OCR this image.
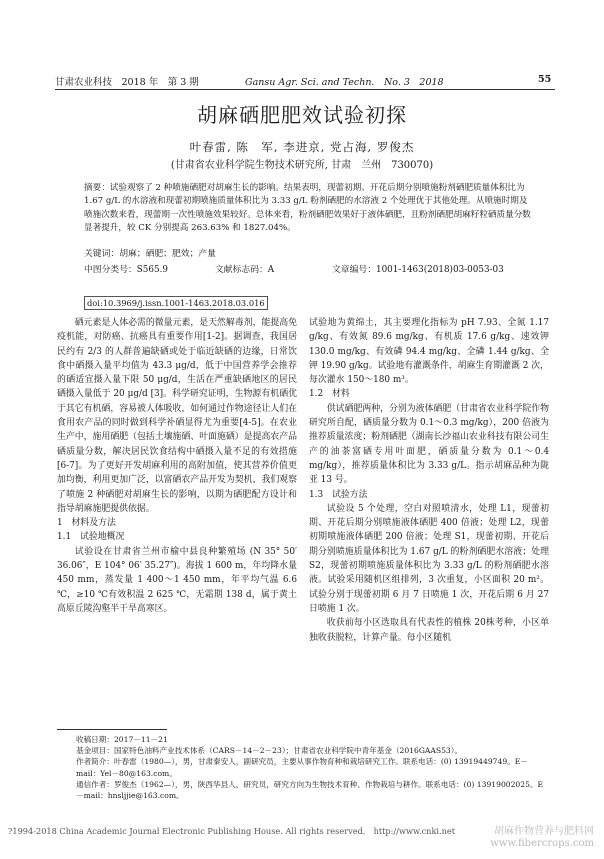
甘肃农业科技　2018 年　第 3 期	Gansu Agr. Sci. and Techn.　No. 3　2018	55
胡麻硒肥肥效试验初探
叶春雷, 陈　军, 李进京, 党占海, 罗俊杰
(甘肃省农业科学院生物技术研究所, 甘肃　兰州　730070)
摘要：试验观察了 2 种喷施硒肥对胡麻生长的影响。结果表明，现蕾初期、开花后期分别喷施粉剂硒肥质量体积比为 1.67 g/L 的水溶液和现蕾初期喷施质量体积比为 3.33 g/L 粉剂硒肥的水溶液 2 个处理优于其他处理。从喷施时期及喷施次数来看，现蕾期一次性喷施效果较好。总体来看，粉剂硒肥效果好于液体硒肥，且粉剂硒肥胡麻籽粒硒质量分数显著提升，较 CK 分别提高 263.63% 和 1827.04%。
关键词：胡麻；硒肥；肥效；产量
中图分类号：S565.9	文献标志码：A	文章编号：1001-1463(2018)03-0053-03
doi:10.3969/j.issn.1001-1463.2018.03.016

硒元素是人体必需的微量元素，是天然解毒剂，能提高免疫机能，对防癌、抗癌具有重要作用[1-2]。据调查，我国居民约有 2/3 的人群普遍缺硒或处于临近缺硒的边缘，日常饮食中硒摄入量平均值为 43.3 μg/d，低于中国营养学会推荐的硒适宜摄入量下限 50 μg/d，生活在严重缺硒地区的居民硒摄入量低于 20 μg/d [3]。科学研究证明，生物源有机硒优于其它有机硒，容易被人体吸收，如何通过作物途径让人们在食用农产品的同时做到科学补硒显得尤为重要[4-5]。在农业生产中，施用硒肥（包括土壤施硒、叶面施硒）是提高农产品硒质量分数，解决居民饮食结构中硒摄入量不足的有效措施[6-7]。为了更好开发胡麻利用的高附加值，使其营养价值更加均衡，利用更加广泛，以富硒农产品开发为契机，我们观察了喷施 2 种硒肥对胡麻生长的影响，以期为硒肥配方设计和指导胡麻施肥提供依据。

1　材料及方法

1.1　试验地概况

试验设在甘肃省兰州市榆中县良种繁殖场 (N 35° 50′ 36.06″，E 104° 06′ 35.27″)。海拔 1 600 m，年均降水量 450 mm，蒸发量 1 400～1 450 mm，年平均气温 6.6 ℃，≥10 ℃有效积温 2 625 ℃，无霜期 138 d，属于黄土高原丘陵沟壑半干旱高寒区。

试验地为黄绵土，其主要理化指标为 pH 7.93、全氮 1.17 g/kg、有效氮 89.6 mg/kg、有机质 17.6 g/kg、速效钾 130.0 mg/kg、有效磷 94.4 mg/kg、全磷 1.44 g/kg、全钾 19.90 g/kg。试验地有灌溉条件，胡麻生育期灌溉 2 次，每次灌水 150～180 m³。

1.2　材料

供试硒肥两种，分别为液体硒肥（甘肃省农业科学院作物研究所自配，硒质量分数为 0.1～0.3 mg/kg），200 倍液为推荐质量浓度；粉剂硒肥（湖南长沙福山农业科技有限公司生产的油茶富硒专用叶面肥，硒质量分数为 0.1～0.4 mg/kg），推荐质量体积比为 3.33 g/L。指示胡麻品种为陇亚 13 号。

1.3　试验方法

试验设 5 个处理，空白对照喷清水，处理 L1，现蕾初期、开花后期分别喷施液体硒肥 400 倍液；处理 L2，现蕾初期喷施液体硒肥 200 倍液；处理 S1，现蕾初期、开花后期分别喷施质量体积比为 1.67 g/L 的粉剂硒肥水溶液；处理 S2，现蕾初期喷施质量体积比为 3.33 g/L 的粉剂硒肥水溶液。试验采用随机区组排列，3 次重复，小区面积 20 m²。试验分别于现蕾初期 6 月 7 日喷施 1 次，开花后期 6 月 27 日喷施 1 次。

收获前每小区选取具有代表性的植株 20株考种，小区单独收获脱粒，计算产量。每小区随机

收稿日期：2017－11－21
基金项目：国家特色油料产业技术体系（CARS－14－2－23）；甘肃省农业科学院中青年基金（2016GAAS53）。
作者简介：叶春雷（1980—），男，甘肃秦安人，副研究员，主要从事作物育种和栽培研究工作。联系电话：(0) 13919449749。E－mail：Yel－80@163.com。
通信作者：罗俊杰（1962—），男，陕西华县人，研究员，研究方向为生物技术育种、作物栽培与耕作。联系电话：(0) 13919002025。E－mail：hnsljjie@163.com。
?1994-2018 China Academic Journal Electronic Publishing House. All rights reserved.　http://www.cnki.net	胡麻作物营养与肥料网
www.fibercrops.com
